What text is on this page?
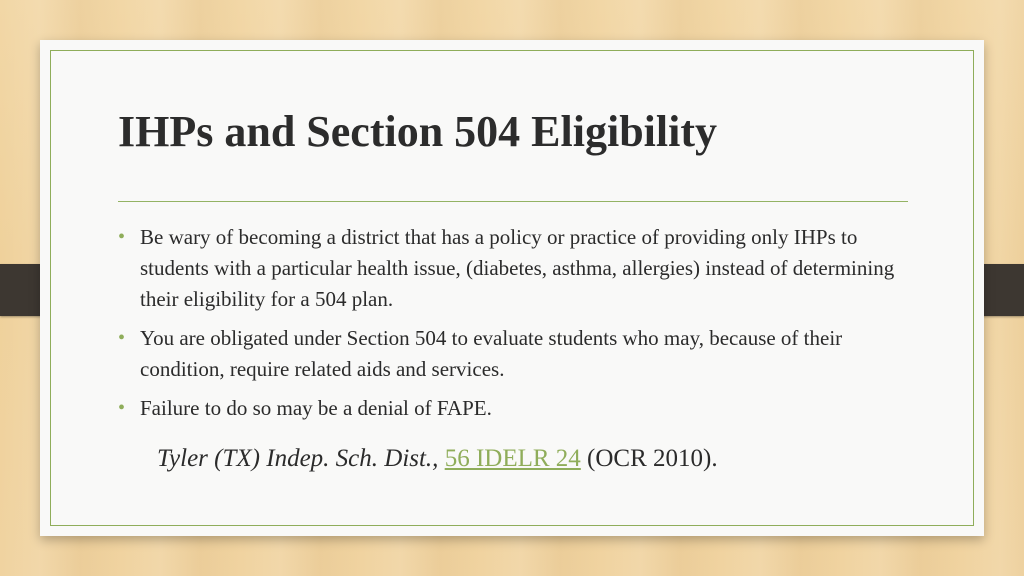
IHPs and Section 504 Eligibility
• Be wary of becoming a district that has a policy or practice of providing only IHPs to students with a particular health issue, (diabetes, asthma, allergies) instead of determining their eligibility for a 504 plan.
• You are obligated under Section 504 to evaluate students who may, because of their condition, require related aids and services.
• Failure to do so may be a denial of FAPE.
Tyler (TX) Indep. Sch. Dist., 56 IDELR 24 (OCR 2010).
